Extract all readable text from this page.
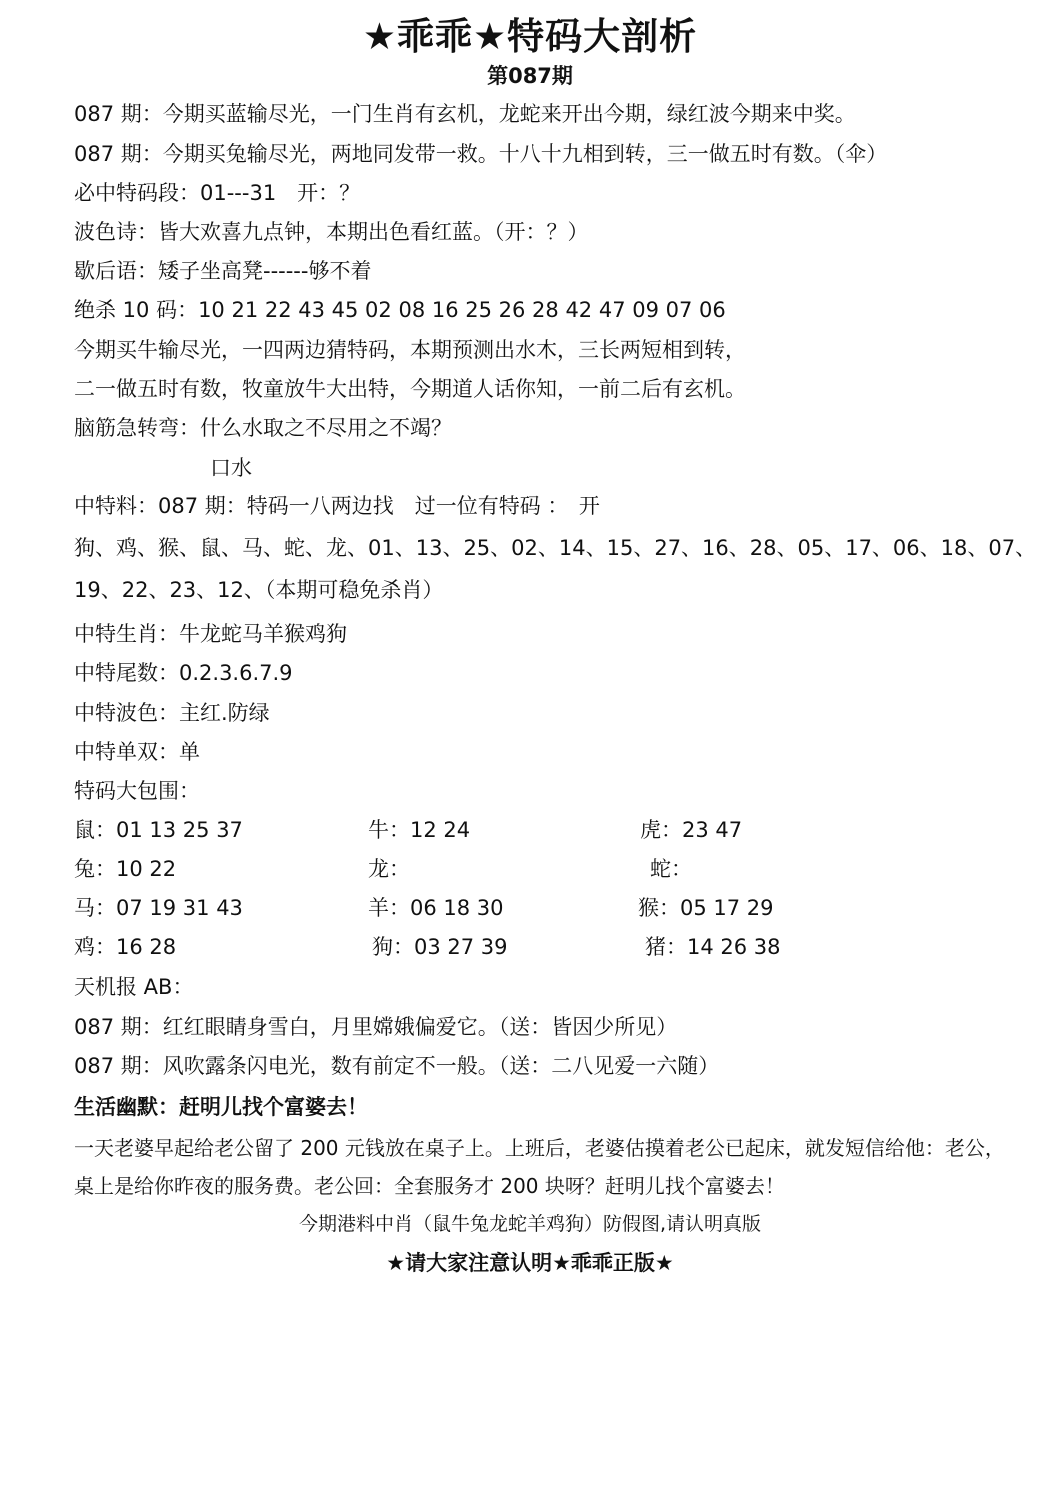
★乖乖★特码大剖析
第087期
087 期：今期买蓝输尽光，一门生肖有玄机，龙蛇来开出今期，绿红波今期来中奖。
087 期：今期买兔输尽光，两地同发带一救。十八十九相到转，三一做五时有数。（伞）
必中特码段：01---31　开：？
波色诗：皆大欢喜九点钟，本期出色看红蓝。（开：？）
歇后语：矮子坐高凳------够不着
绝杀 10 码：10 21 22 43 45 02 08 16 25 26 28 42 47 09 07 06
今期买牛输尽光，一四两边猜特码，本期预测出水木，三长两短相到转，
二一做五时有数，牧童放牛大出特，今期道人话你知，一前二后有玄机。
脑筋急转弯：什么水取之不尽用之不竭？
口水
中特料：087 期：特码一八两边找　过一位有特码 ：　开
狗、鸡、猴、鼠、马、蛇、龙、01、13、25、02、14、15、27、16、28、05、17、06、18、07、
19、22、23、12、（本期可稳免杀肖）
中特生肖：牛龙蛇马羊猴鸡狗
中特尾数：0.2.3.6.7.9
中特波色：主红.防绿
中特单双：单
特码大包围：
鼠：01 13 25 37	牛：12 24	虎：23 47
兔：10 22	龙：	蛇：
马：07 19 31 43	羊：06 18 30	猴：05 17 29
鸡：16 28	狗：03 27 39	猪：14 26 38
天机报 AB：
087 期：红红眼睛身雪白，月里嫦娥偏爱它。（送：皆因少所见）
087 期：风吹露条闪电光，数有前定不一般。（送：二八见爱一六随）
生活幽默：赶明儿找个富婆去！
一天老婆早起给老公留了 200 元钱放在桌子上。上班后，老婆估摸着老公已起床，就发短信给他：老公，
桌上是给你昨夜的服务费。老公回：全套服务才 200 块呀？赶明儿找个富婆去！
今期港料中肖（鼠牛兔龙蛇羊鸡狗）防假图,请认明真版
★请大家注意认明★乖乖正版★
